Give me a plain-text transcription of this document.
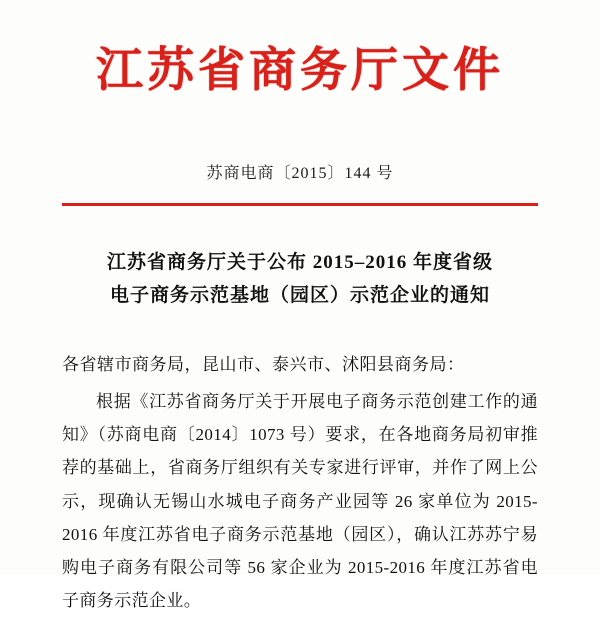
江苏省商务厅文件
苏商电商〔2015〕144 号
江苏省商务厅关于公布 2015–2016 年度省级
电子商务示范基地（园区）示范企业的通知
各省辖市商务局，昆山市、泰兴市、沭阳县商务局：
根据《江苏省商务厅关于开展电子商务示范创建工作的通知》（苏商电商〔2014〕1073 号）要求，在各地商务局初审推荐的基础上，省商务厅组织有关专家进行评审，并作了网上公示，现确认无锡山水城电子商务产业园等 26 家单位为 2015-2016 年度江苏省电子商务示范基地（园区），确认江苏苏宁易购电子商务有限公司等 56 家企业为 2015-2016 年度江苏省电子商务示范企业。
